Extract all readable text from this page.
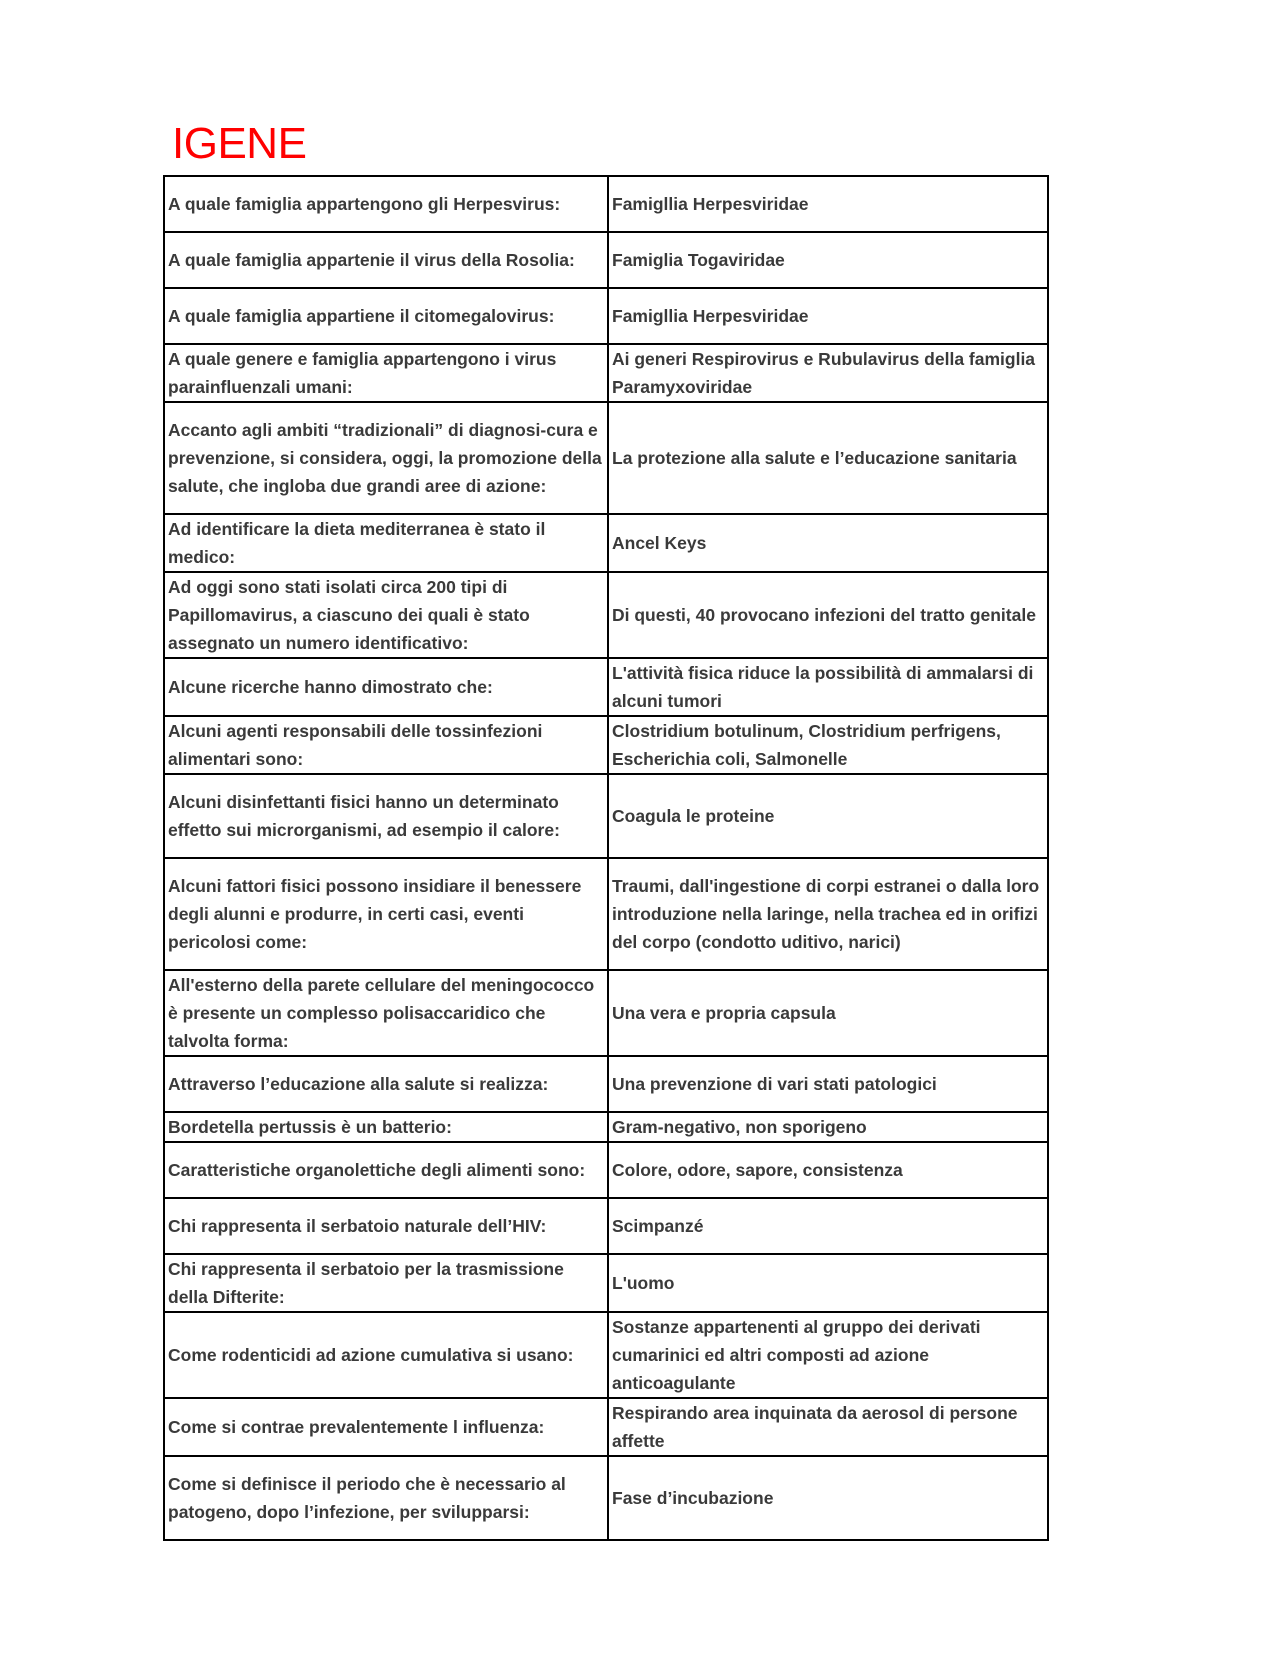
IGENE
A quale famiglia appartengono gli Herpesvirus:	Famigllia Herpesviridae
A quale famiglia appartenie il virus della Rosolia:	Famiglia Togaviridae
A quale famiglia appartiene il citomegalovirus:	Famigllia Herpesviridae
A quale genere e famiglia appartengono i virus parainfluenzali umani:	Ai generi Respirovirus e Rubulavirus della famiglia Paramyxoviridae
Accanto agli ambiti “tradizionali” di diagnosi-cura e prevenzione, si considera, oggi, la promozione della salute, che ingloba due grandi aree di azione:	La protezione alla salute e l’educazione sanitaria
Ad identificare la dieta mediterranea è stato il medico:	Ancel Keys
Ad oggi sono stati isolati circa 200 tipi di Papillomavirus, a ciascuno dei quali è stato assegnato un numero identificativo:	Di questi, 40 provocano infezioni del tratto genitale
Alcune ricerche hanno dimostrato che:	L'attività fisica riduce la possibilità di ammalarsi di alcuni tumori
Alcuni agenti responsabili delle tossinfezioni alimentari sono:	Clostridium botulinum, Clostridium perfrigens, Escherichia coli, Salmonelle
Alcuni disinfettanti fisici hanno un determinato effetto sui microrganismi, ad esempio il calore:	Coagula le proteine
Alcuni fattori fisici possono insidiare il benessere degli alunni e produrre, in certi casi, eventi pericolosi come:	Traumi, dall'ingestione di corpi estranei o dalla loro introduzione nella laringe, nella trachea ed in orifizi del corpo (condotto uditivo, narici)
All'esterno della parete cellulare del meningococco è presente un complesso polisaccaridico che talvolta forma:	Una vera e propria capsula
Attraverso l’educazione alla salute si realizza:	Una prevenzione di vari stati patologici
Bordetella pertussis è un batterio:	Gram-negativo, non sporigeno
Caratteristiche organolettiche degli alimenti sono:	Colore, odore, sapore, consistenza
Chi rappresenta il serbatoio naturale dell’HIV:	Scimpanzé
Chi rappresenta il serbatoio per la trasmissione della Difterite:	L'uomo
Come rodenticidi ad azione cumulativa si usano:	Sostanze appartenenti al gruppo dei derivati cumarinici ed altri composti ad azione anticoagulante
Come si contrae prevalentemente l influenza:	Respirando area inquinata da aerosol di persone affette
Come si definisce il periodo che è necessario al patogeno, dopo l’infezione, per svilupparsi:	Fase d’incubazione
